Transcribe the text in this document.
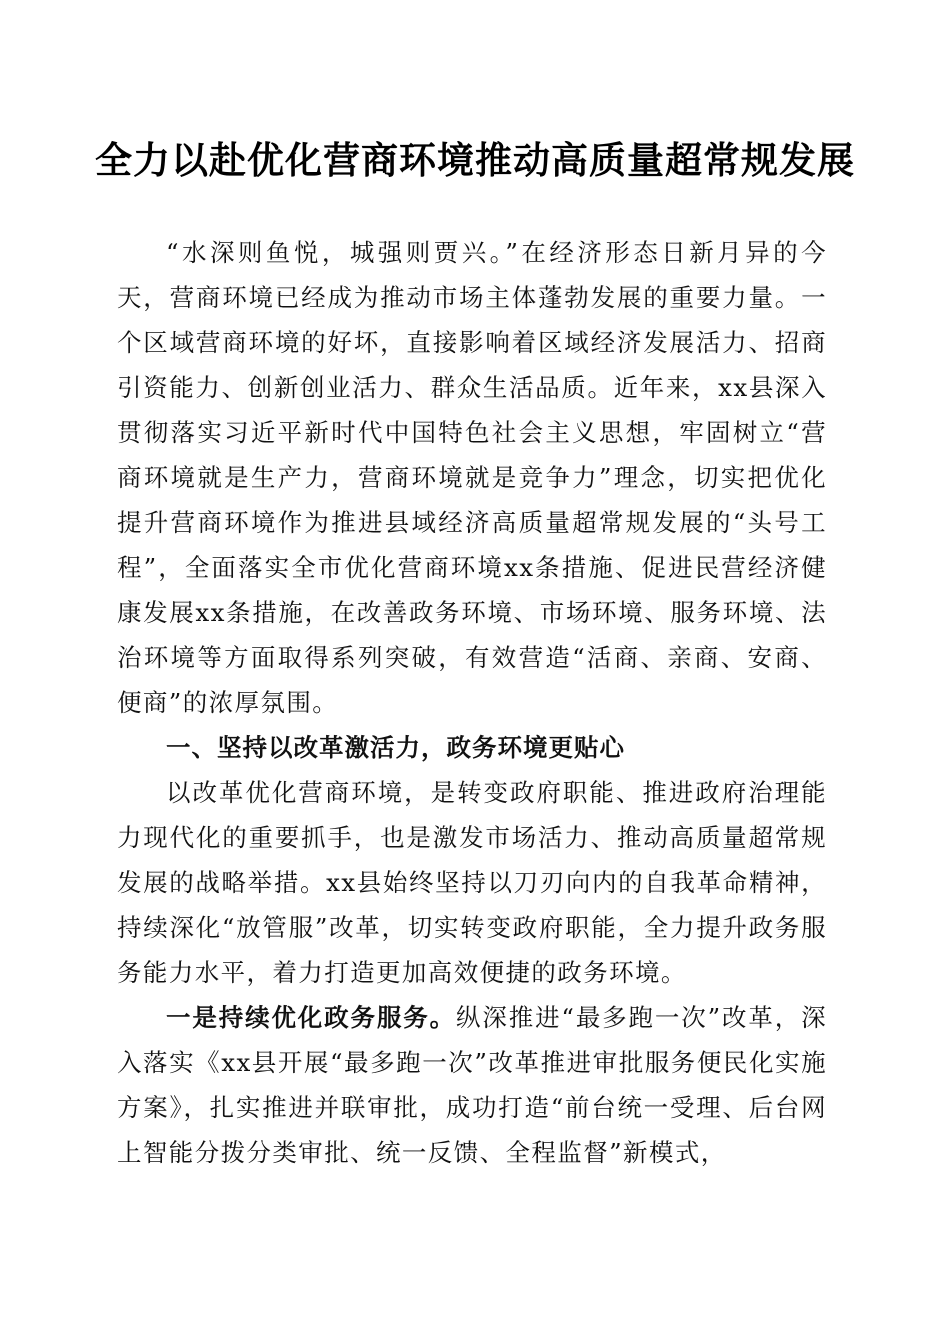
全力以赴优化营商环境推动高质量超常规发展

“水深则鱼悦，城强则贾兴。”在经济形态日新月异的今天，营商环境已经成为推动市场主体蓬勃发展的重要力量。一个区域营商环境的好坏，直接影响着区域经济发展活力、招商引资能力、创新创业活力、群众生活品质。近年来，xx县深入贯彻落实习近平新时代中国特色社会主义思想，牢固树立“营商环境就是生产力，营商环境就是竞争力”理念，切实把优化提升营商环境作为推进县域经济高质量超常规发展的“头号工程”，全面落实全市优化营商环境xx条措施、促进民营经济健康发展xx条措施，在改善政务环境、市场环境、服务环境、法治环境等方面取得系列突破，有效营造“活商、亲商、安商、便商”的浓厚氛围。

一、坚持以改革激活力，政务环境更贴心

以改革优化营商环境，是转变政府职能、推进政府治理能力现代化的重要抓手，也是激发市场活力、推动高质量超常规发展的战略举措。xx县始终坚持以刀刃向内的自我革命精神，持续深化“放管服”改革，切实转变政府职能，全力提升政务服务能力水平，着力打造更加高效便捷的政务环境。

一是持续优化政务服务。纵深推进“最多跑一次”改革，深入落实《xx县开展“最多跑一次”改革推进审批服务便民化实施方案》，扎实推进并联审批，成功打造“前台统一受理、后台网上智能分拨分类审批、统一反馈、全程监督”新模式，
